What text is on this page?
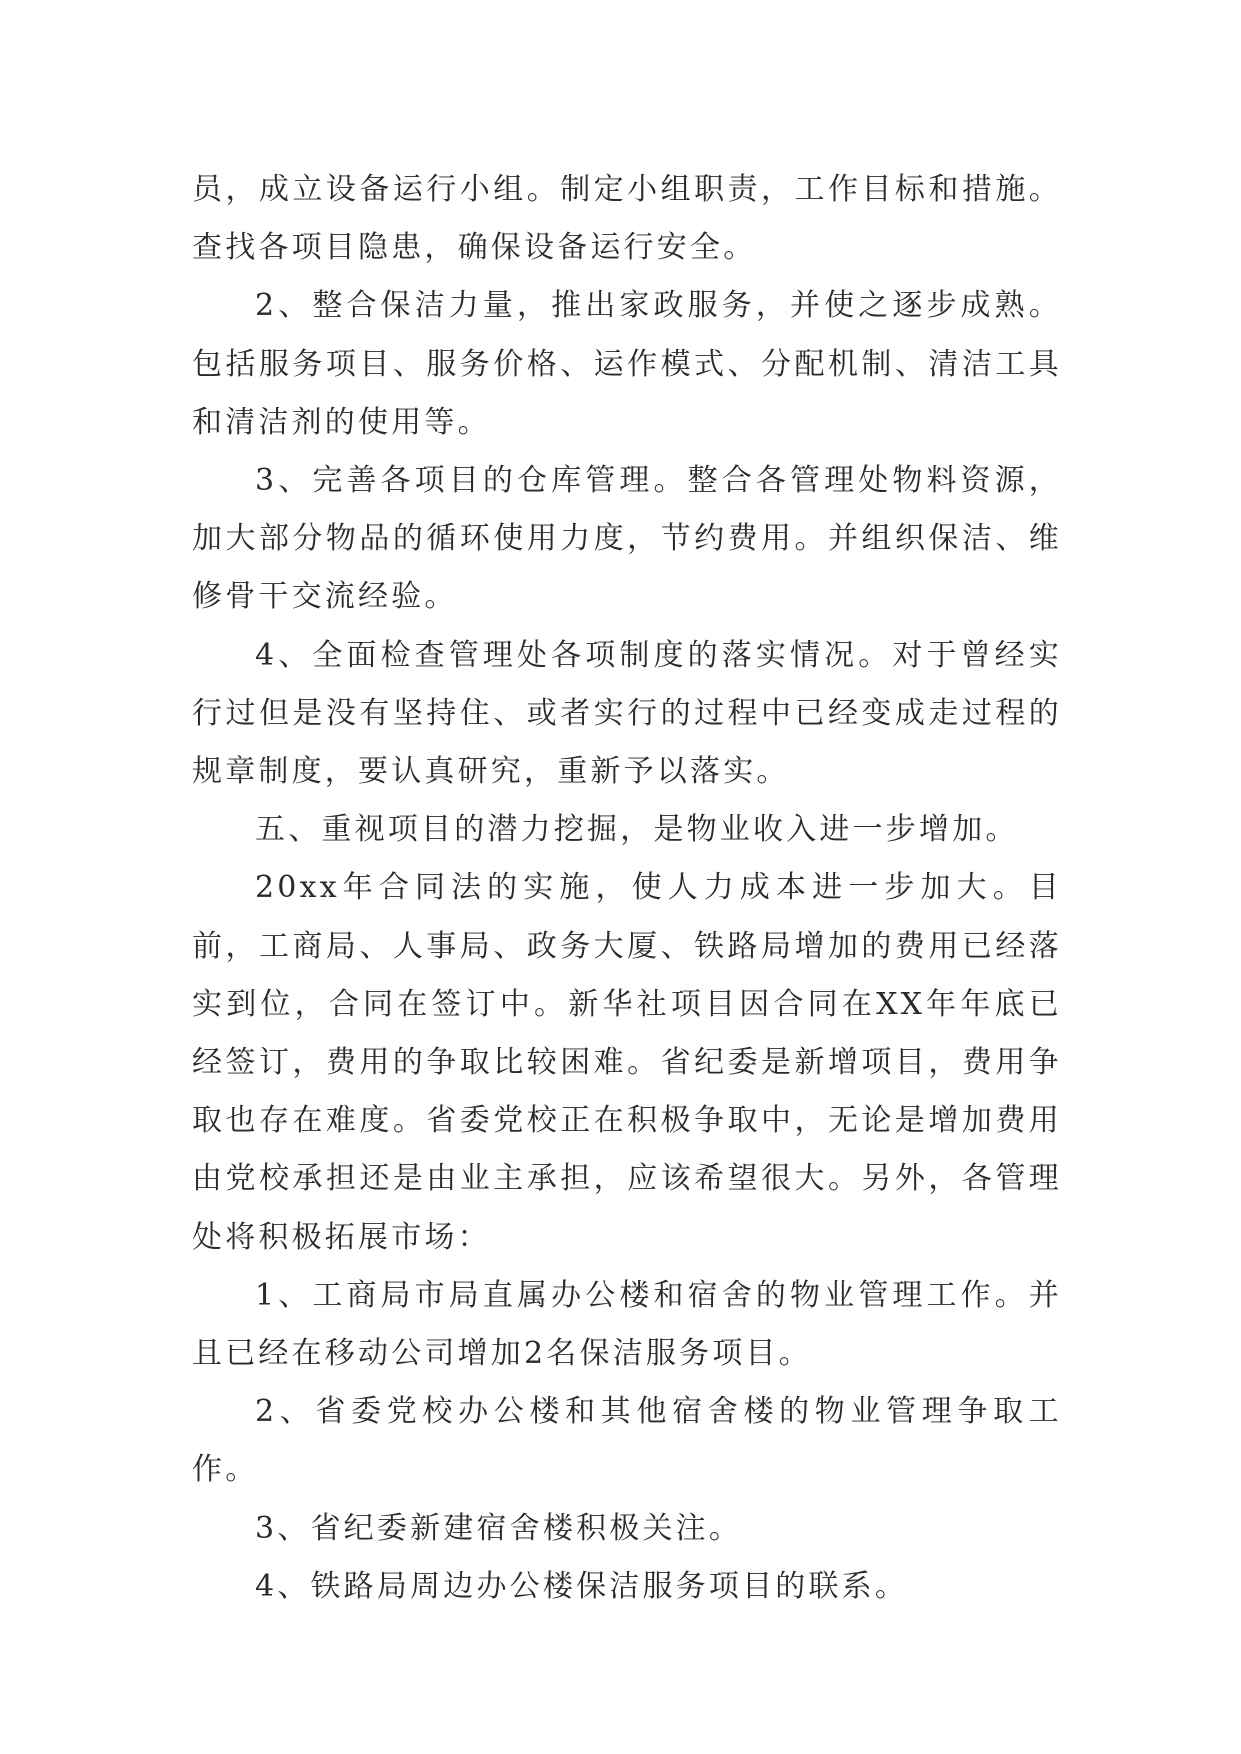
员，成立设备运行小组。制定小组职责，工作目标和措施。查找各项目隐患，确保设备运行安全。

2、整合保洁力量，推出家政服务，并使之逐步成熟。包括服务项目、服务价格、运作模式、分配机制、清洁工具和清洁剂的使用等。

3、完善各项目的仓库管理。整合各管理处物料资源，加大部分物品的循环使用力度，节约费用。并组织保洁、维修骨干交流经验。

4、全面检查管理处各项制度的落实情况。对于曾经实行过但是没有坚持住、或者实行的过程中已经变成走过程的规章制度，要认真研究，重新予以落实。

五、重视项目的潜力挖掘，是物业收入进一步增加。

20xx年合同法的实施，使人力成本进一步加大。目前，工商局、人事局、政务大厦、铁路局增加的费用已经落实到位，合同在签订中。新华社项目因合同在XX年年底已经签订，费用的争取比较困难。省纪委是新增项目，费用争取也存在难度。省委党校正在积极争取中，无论是增加费用由党校承担还是由业主承担，应该希望很大。另外，各管理处将积极拓展市场：

1、工商局市局直属办公楼和宿舍的物业管理工作。并且已经在移动公司增加2名保洁服务项目。

2、省委党校办公楼和其他宿舍楼的物业管理争取工作。

3、省纪委新建宿舍楼积极关注。

4、铁路局周边办公楼保洁服务项目的联系。
